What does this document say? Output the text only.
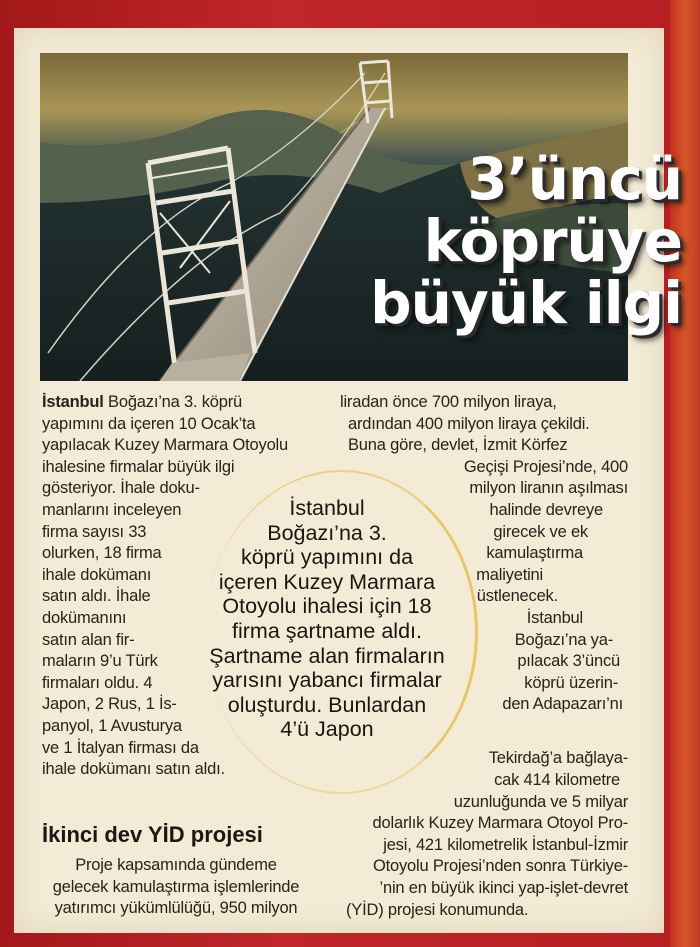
3’üncü
köprüye
büyük ilgi
İstanbul Boğazı’na 3. köprü
yapımını da içeren 10 Ocak’ta
yapılacak Kuzey Marmara Otoyolu
ihalesine firmalar büyük ilgi
gösteriyor. İhale doku-
manlarını inceleyen
firma sayısı 33
olurken, 18 firma
ihale dokümanı
satın aldı. İhale
dokümanını
satın alan fir-
maların 9’u Türk
firmaları oldu. 4
Japon, 2 Rus, 1 İs-
panyol, 1 Avusturya
ve 1 İtalyan firması da
ihale dokümanı satın aldı.
liradan önce 700 milyon liraya,
ardından 400 milyon liraya çekildi.
Buna göre, devlet, İzmit Körfez
Geçişi Projesi’nde, 400
milyon liranın aşılması
halinde devreye
girecek ve ek
kamulaştırma
maliyetini
üstlenecek.
İstanbul
Boğazı’na ya-
pılacak 3’üncü
köprü üzerin-
den Adapazarı’nı
cak 414 kilometre
uzunluğunda ve 5 milyar
dolarlık Kuzey Marmara Otoyol Pro-
jesi, 421 kilometrelik İstanbul-İzmir
Otoyolu Projesi’nden sonra Türkiye-
’nin en büyük ikinci yap-işlet-devret
(YİD) projesi konumunda.
Tekirdağ’a bağlaya-
İstanbul
Boğazı’na 3.
köprü yapımını da
içeren Kuzey Marmara
Otoyolu ihalesi için 18
firma şartname aldı.
Şartname alan firmaların
yarısını yabancı firmalar
oluşturdu. Bunlardan
4’ü Japon
İkinci dev YİD projesi
Proje kapsamında gündeme
gelecek kamulaştırma işlemlerinde
yatırımcı yükümlülüğü, 950 milyon
